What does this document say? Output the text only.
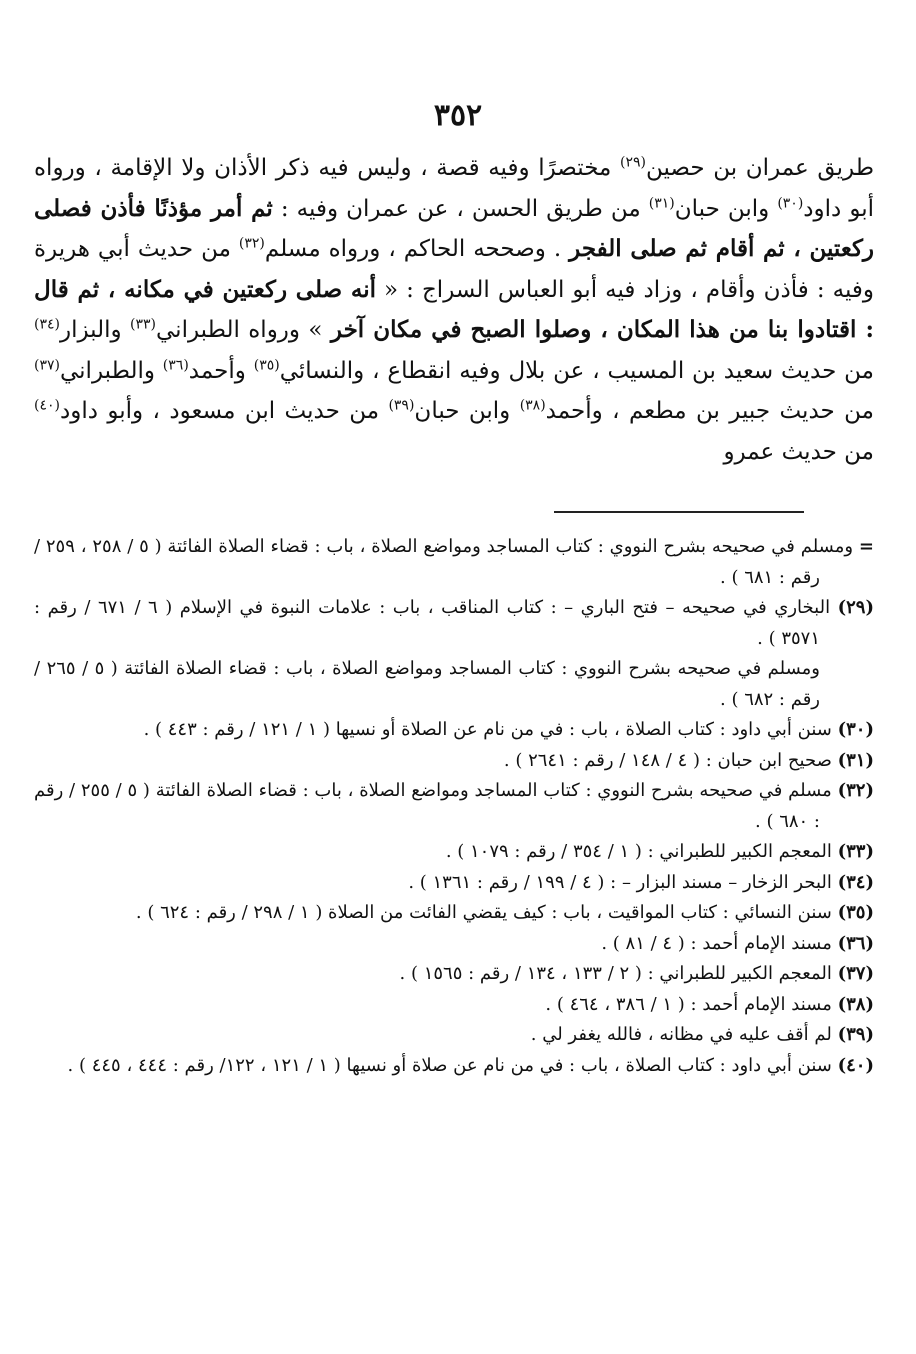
٣٥٢
طريق عمران بن حصين$^{(٢٩)}$ مختصرًا وفيه قصة ، وليس فيه ذكر الأذان ولا الإقامة ، ورواه أبو داود$^{(٣٠)}$ وابن حبان$^{(٣١)}$ من طريق الحسن ، عن عمران وفيه : ثم أمر مؤذنًا فأذن فصلى ركعتين ، ثم أقام ثم صلى الفجر . وصححه الحاكم ، ورواه مسلم$^{(٣٢)}$ من حديث أبي هريرة وفيه : فأذن وأقام ، وزاد فيه أبو العباس السراج : « أنه صلى ركعتين في مكانه ، ثم قال : اقتادوا بنا من هذا المكان ، وصلوا الصبح في مكان آخر » ورواه الطبراني$^{(٣٣)}$ والبزار$^{(٣٤)}$ من حديث سعيد بن المسيب ، عن بلال وفيه انقطاع ، والنسائي$^{(٣٥)}$ وأحمد$^{(٣٦)}$ والطبراني$^{(٣٧)}$ من حديث جبير بن مطعم ، وأحمد$^{(٣٨)}$ وابن حبان$^{(٣٩)}$ من حديث ابن مسعود ، وأبو داود$^{(٤٠)}$ من حديث عمرو
= ومسلم في صحيحه بشرح النووي : كتاب المساجد ومواضع الصلاة ، باب : قضاء الصلاة الفائتة ( ٥ / ٢٥٨ ، ٢٥٩ / رقم : ٦٨١ ) .
(٢٩) البخاري في صحيحه – فتح الباري – : كتاب المناقب ، باب : علامات النبوة في الإسلام ( ٦ / ٦٧١ / رقم : ٣٥٧١ ) .
ومسلم في صحيحه بشرح النووي : كتاب المساجد ومواضع الصلاة ، باب : قضاء الصلاة الفائتة ( ٥ / ٢٦٥ / رقم : ٦٨٢ ) .
(٣٠) سنن أبي داود : كتاب الصلاة ، باب : في من نام عن الصلاة أو نسيها ( ١ / ١٢١ / رقم : ٤٤٣ ) .
(٣١) صحيح ابن حبان : ( ٤ / ١٤٨ / رقم : ٢٦٤١ ) .
(٣٢) مسلم في صحيحه بشرح النووي : كتاب المساجد ومواضع الصلاة ، باب : قضاء الصلاة الفائتة ( ٥ / ٢٥٥ / رقم : ٦٨٠ ) .
(٣٣) المعجم الكبير للطبراني : ( ١ / ٣٥٤ / رقم : ١٠٧٩ ) .
(٣٤) البحر الزخار – مسند البزار – : ( ٤ / ١٩٩ / رقم : ١٣٦١ ) .
(٣٥) سنن النسائي : كتاب المواقيت ، باب : كيف يقضي الفائت من الصلاة ( ١ / ٢٩٨ / رقم : ٦٢٤ ) .
(٣٦) مسند الإمام أحمد : ( ٤ / ٨١ ) .
(٣٧) المعجم الكبير للطبراني : ( ٢ / ١٣٣ ، ١٣٤ / رقم : ١٥٦٥ ) .
(٣٨) مسند الإمام أحمد : ( ١ / ٣٨٦ ، ٤٦٤ ) .
(٣٩) لم أقف عليه في مظانه ، فالله يغفر لي .
(٤٠) سنن أبي داود : كتاب الصلاة ، باب : في من نام عن صلاة أو نسيها ( ١ / ١٢١ ، ١٢٢/ رقم : ٤٤٤ ، ٤٤٥ ) .
